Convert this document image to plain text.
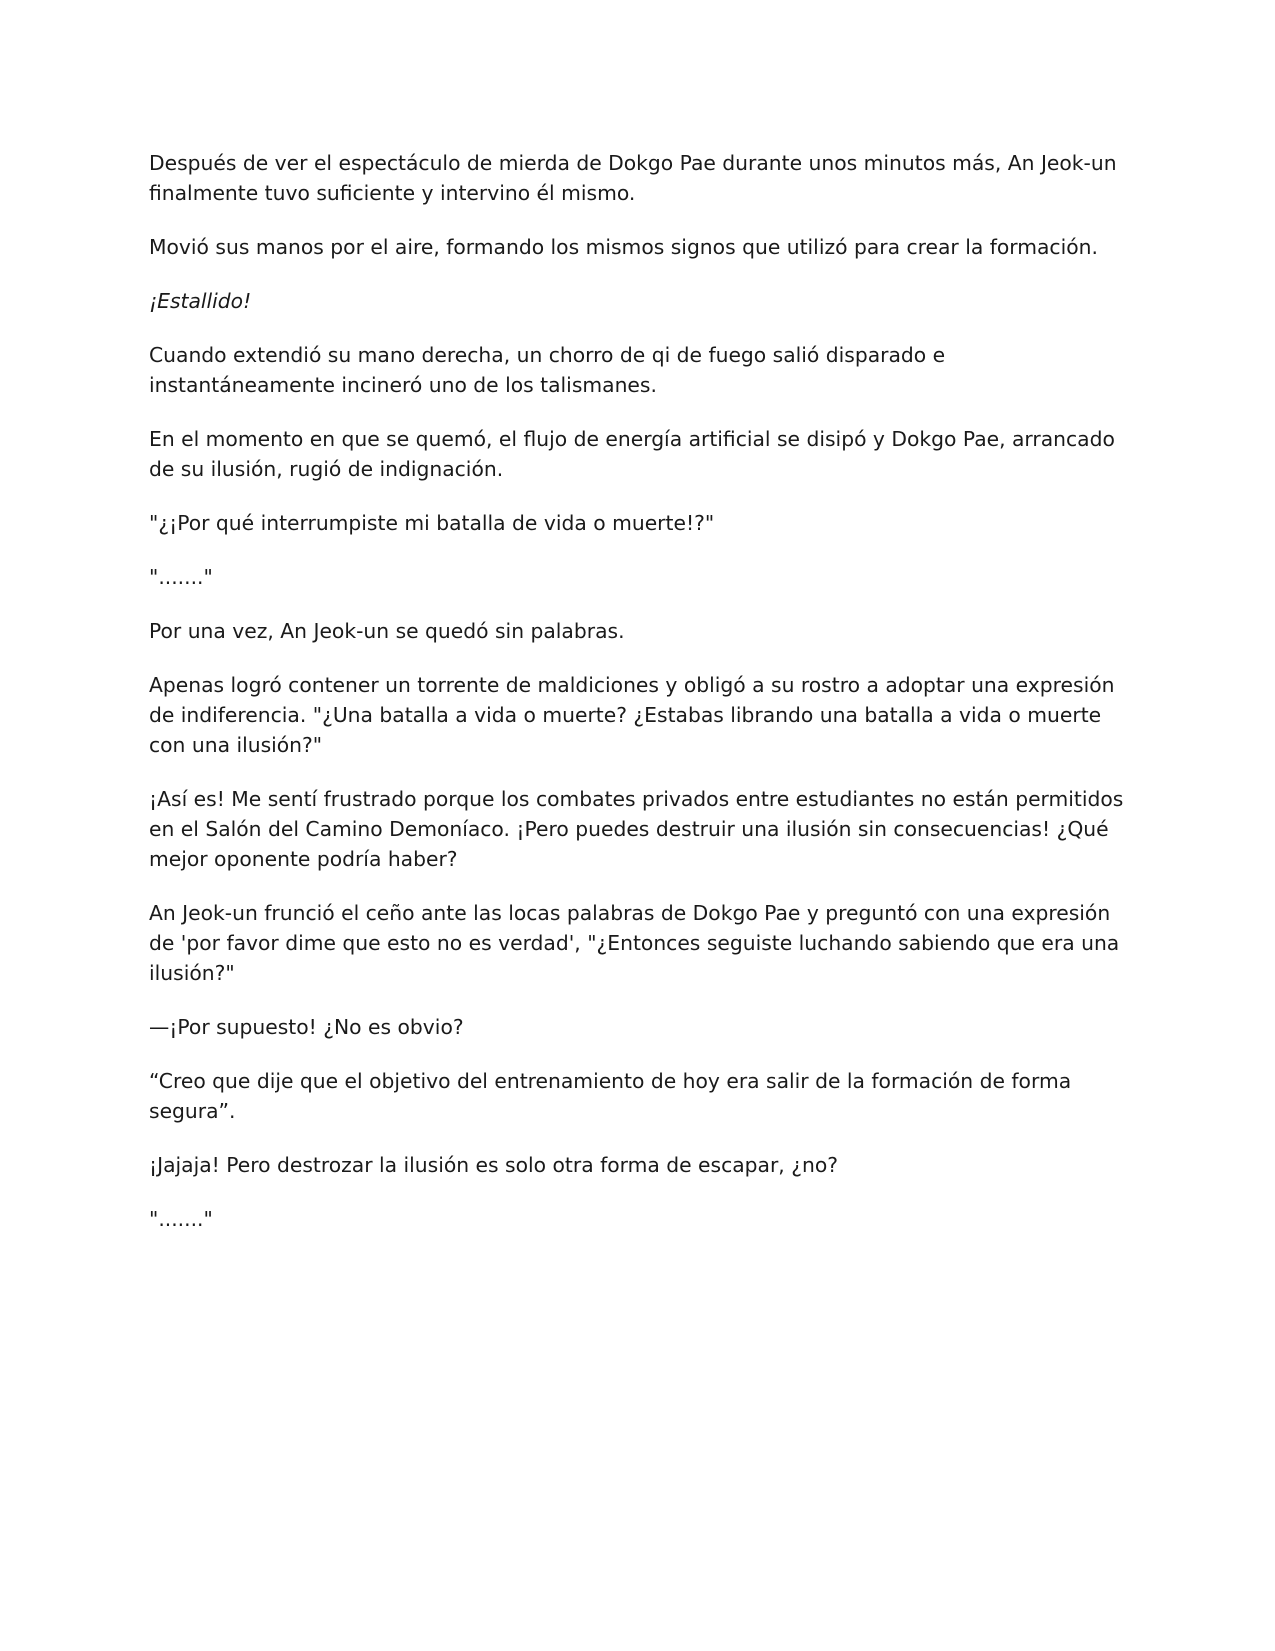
Después de ver el espectáculo de mierda de Dokgo Pae durante unos minutos más, An Jeok-un finalmente tuvo suficiente y intervino él mismo.

Movió sus manos por el aire, formando los mismos signos que utilizó para crear la formación.

¡Estallido!

Cuando extendió su mano derecha, un chorro de qi de fuego salió disparado e instantáneamente incineró uno de los talismanes.

En el momento en que se quemó, el flujo de energía artificial se disipó y Dokgo Pae, arrancado de su ilusión, rugió de indignación.

"¿¡Por qué interrumpiste mi batalla de vida o muerte!?"

"......."

Por una vez, An Jeok-un se quedó sin palabras.

Apenas logró contener un torrente de maldiciones y obligó a su rostro a adoptar una expresión de indiferencia. "¿Una batalla a vida o muerte? ¿Estabas librando una batalla a vida o muerte con una ilusión?"

¡Así es! Me sentí frustrado porque los combates privados entre estudiantes no están permitidos en el Salón del Camino Demoníaco. ¡Pero puedes destruir una ilusión sin consecuencias! ¿Qué mejor oponente podría haber?

An Jeok-un frunció el ceño ante las locas palabras de Dokgo Pae y preguntó con una expresión de 'por favor dime que esto no es verdad', "¿Entonces seguiste luchando sabiendo que era una ilusión?"

—¡Por supuesto! ¿No es obvio?

“Creo que dije que el objetivo del entrenamiento de hoy era salir de la formación de forma segura”.

¡Jajaja! Pero destrozar la ilusión es solo otra forma de escapar, ¿no?

"......."
